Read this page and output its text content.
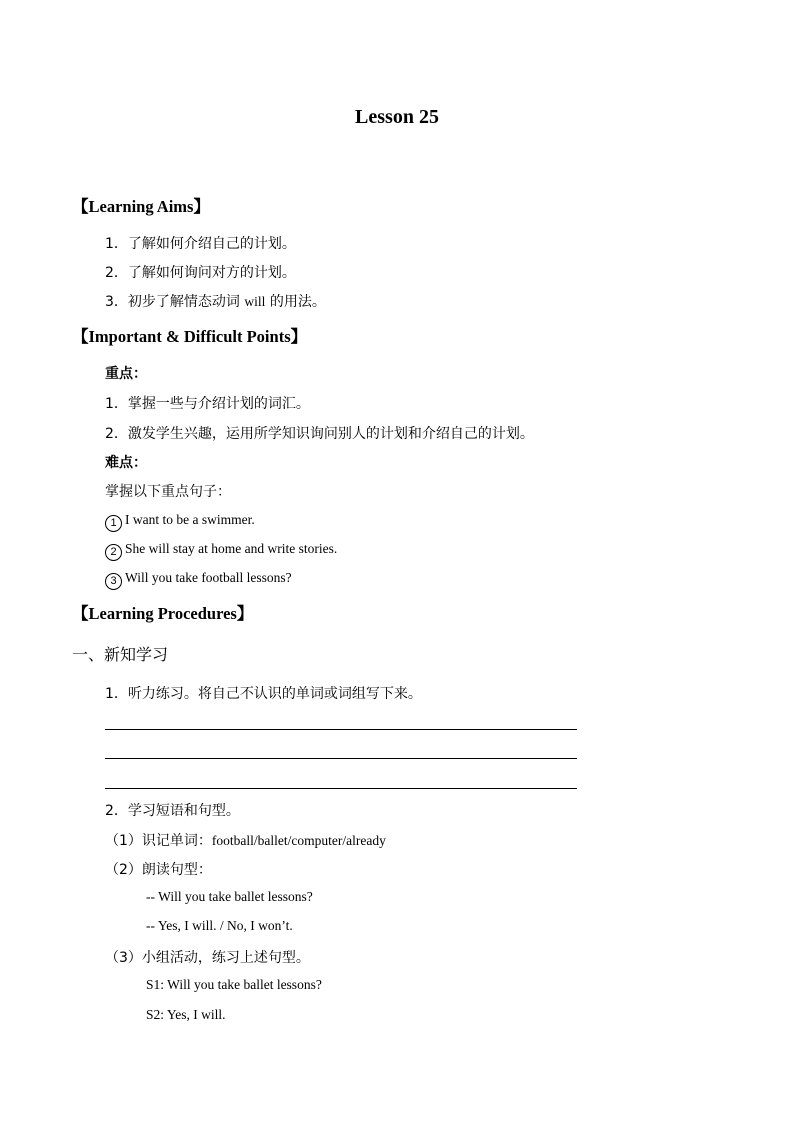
Lesson 25
【Learning Aims】
1．了解如何介绍自己的计划。
2．了解如何询问对方的计划。
3．初步了解情态动词 will 的用法。
【Important & Difficult Points】
重点：
1．掌握一些与介绍计划的词汇。
2．激发学生兴趣，运用所学知识询问别人的计划和介绍自己的计划。
难点：
掌握以下重点句子：
1 I want to be a swimmer.
2 She will stay at home and write stories.
3 Will you take football lessons?
【Learning Procedures】
一、新知学习
1．听力练习。将自己不认识的单词或词组写下来。
2．学习短语和句型。
（1）识记单词：football/ballet/computer/already
（2）朗读句型：
-- Will you take ballet lessons?
-- Yes, I will. / No, I won’t.
（3）小组活动，练习上述句型。
S1: Will you take ballet lessons?
S2: Yes, I will.
